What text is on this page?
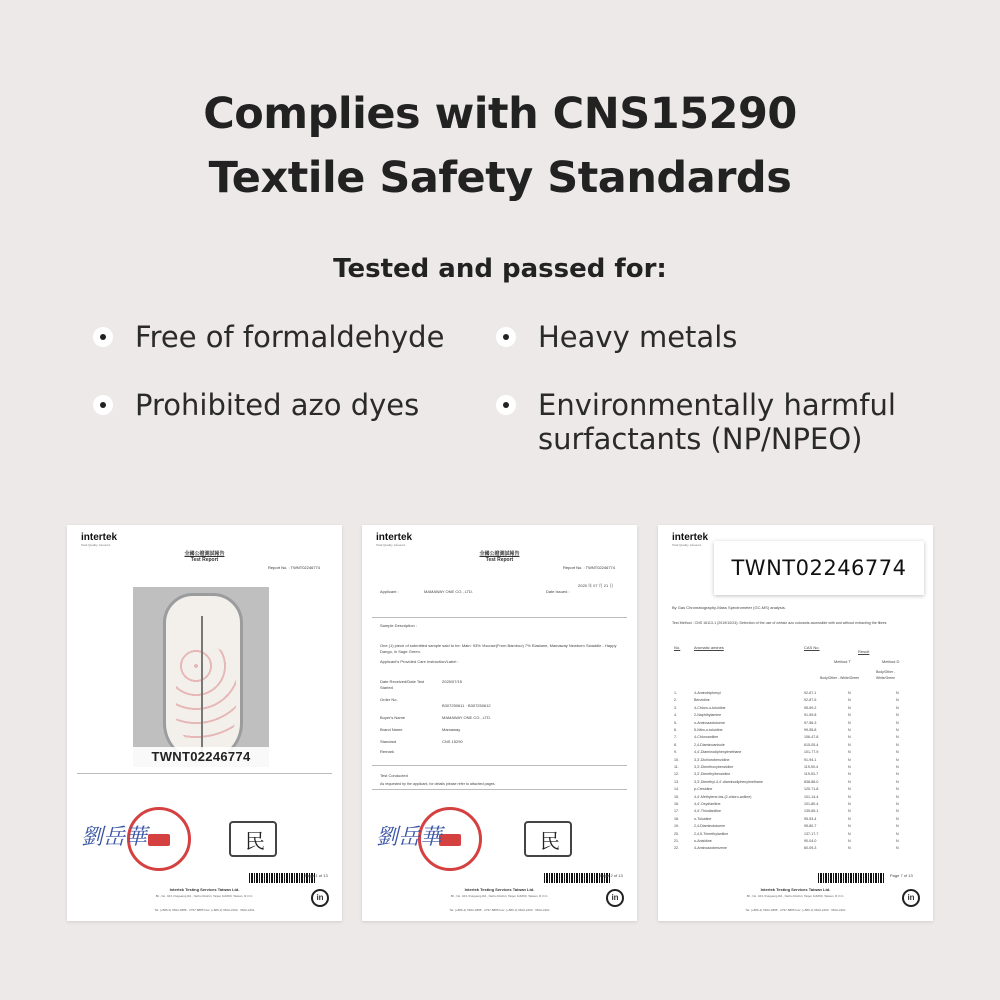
Complies with CNS15290
Textile Safety Standards
Tested and passed for:
Free of formaldehyde	Heavy metals
Prohibited azo dyes	Environmentally harmful surfactants (NP/NPEO)
intertek
Total Quality. Assured.
全國公證測試報告
Test Report
Report No. : TWNT02246774
TWNT02246774
劉岳華	民
Page 1 of 13
Intertek Testing Services Taiwan Ltd.
8F., No. 423, Ruiguang Rd., Neihu District, Taipei 114690, Taiwan, R.O.C.
Tel: (+886-2) 6602-2888 · 2797-8885 Fax: (+886-2) 6602-2400 · 6602-2401
in
intertek
Total Quality. Assured.
全國公證測試報告
Test Report
Report No. : TWNT02246774
Applicant :	MAMAWAY ONE CO., LTD.	Date Issued :
2025 年 07 月 21 日
Sample Description :
One (1) piece of submitted sample said to be: Main: 93% Viscose(From Bamboo) 7% Elastane, Mamaway Newborn Swaddle - Happy Dango, in Sage Green.
Applicant's Provided Care Instruction/Label :
Date Received/Date Test Started
2025/07/15
Order No.
B307250611 · B307250612
Buyer's Name	MAMAWAY ONE CO., LTD.
Brand Name	Mamaway
Standard	CNS 15290
Remark
Test Conducted
As requested by the applicant, for details please refer to attached pages.
劉岳華	民
Page 2 of 13
Intertek Testing Services Taiwan Ltd.
8F., No. 423, Ruiguang Rd., Neihu District, Taipei 114690, Taiwan, R.O.C.
Tel: (+886-2) 6602-2888 · 2797-8885 Fax: (+886-2) 6602-2400 · 6602-2401
in
intertek
Total Quality. Assured.
TWNT02246774
By Gas Chromatography-Mass Spectrometer (GC-MS) analysis.
Test Method : CNS 16113-1 (2019/10/24): Detection of the use of certain azo colorants accessible with and without extracting the fibres
No.	Aromatic amines	CAS No.
Result
Method T	Method D
Body/Other - White/Green
Body/Other - White/Green
1.	4-Aminobiphenyl	92-67-1	N	N
2.	Benzidine	92-87-5	N	N
3.	4-Chloro-o-toluidine	95-69-2	N	N
4.	2-Naphthylamine	91-59-8	N	N
5.	o-Aminoazotoluene	97-56-3	N	N
6.	5-Nitro-o-toluidine	99-55-8	N	N
7.	4-Chloroaniline	106-47-8	N	N
8.	2,4-Diaminoanisole	615-05-4	N	N
9.	4,4'-Diaminodiphenylmethane	101-77-9	N	N
10.	3,3'-Dichlorobenzidine	91-94-1	N	N
11.	3,3'-Dimethoxybenzidine	119-90-4	N	N
12.	3,3'-Dimethylbenzidine	119-93-7	N	N
13.	3,3'-Dimethyl-4,4'-diaminodiphenylmethane	838-88-0	N	N
14.	p-Cresidine	120-71-8	N	N
15.	4,4'-Methylene-bis-(2-chloro-aniline)	101-14-4	N	N
16.	4,4'-Oxydianiline	101-80-4	N	N
17.	4,4'-Thiodianiline	139-65-1	N	N
18.	o-Toluidine	95-53-4	N	N
19.	2,4-Diaminotoluene	95-80-7	N	N
20.	2,4,5-Trimethylaniline	137-17-7	N	N
21.	o-Anisidine	90-04-0	N	N
22.	4-Aminoazobenzene	60-09-3	N	N
Page 7 of 13
Intertek Testing Services Taiwan Ltd.
8F., No. 423, Ruiguang Rd., Neihu District, Taipei 114690, Taiwan, R.O.C.
Tel: (+886-2) 6602-2888 · 2797-8885 Fax: (+886-2) 6602-2400 · 6602-2401
in
